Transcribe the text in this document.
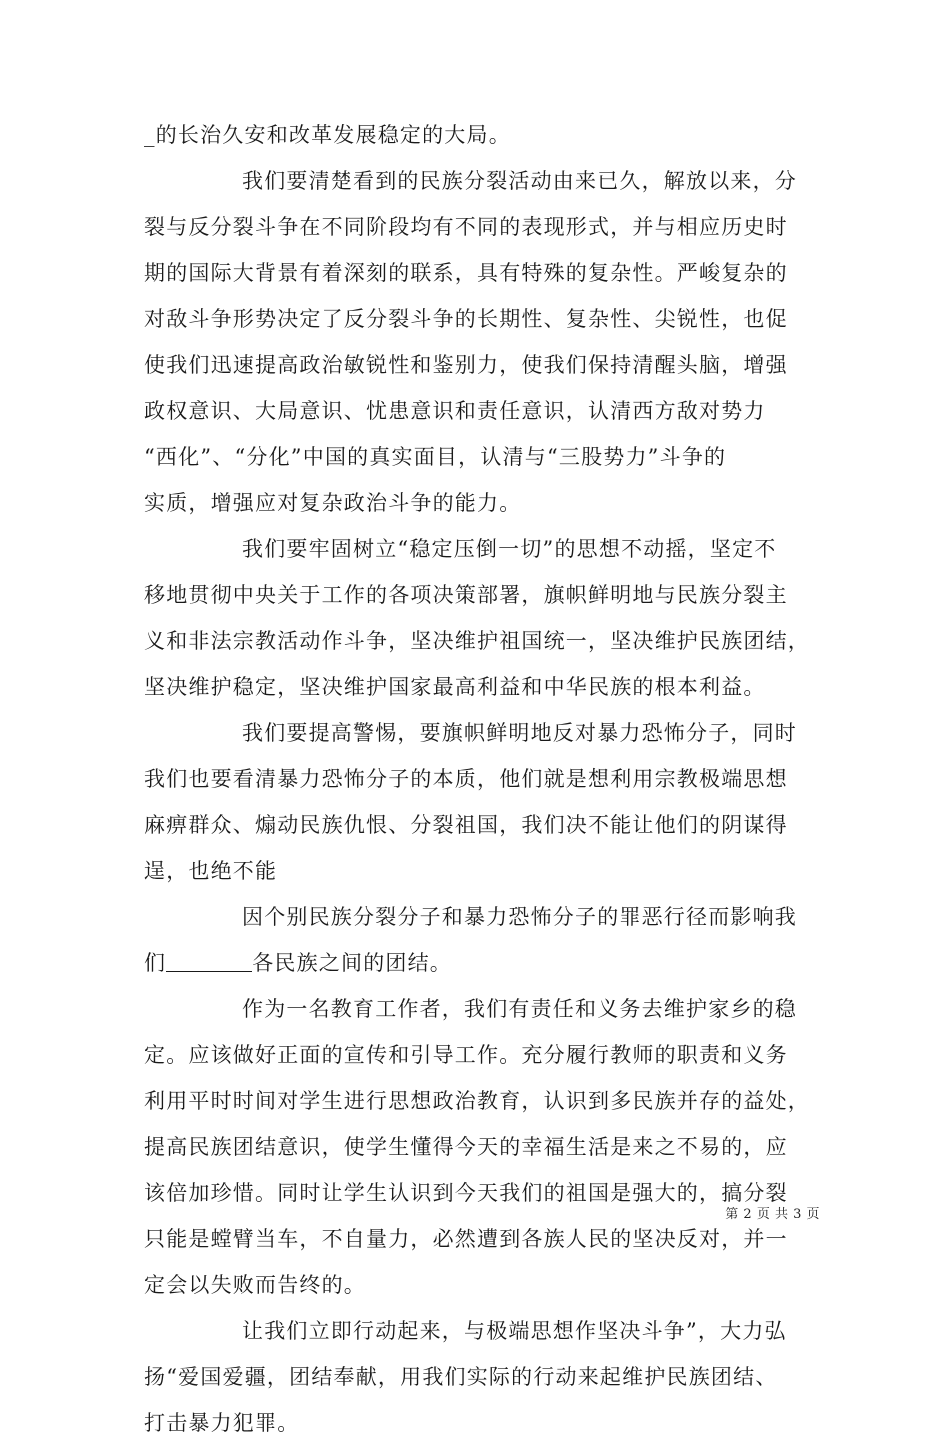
_的长治久安和改革发展稳定的大局。
我们要清楚看到的民族分裂活动由来已久，解放以来，分
裂与反分裂斗争在不同阶段均有不同的表现形式，并与相应历史时
期的国际大背景有着深刻的联系，具有特殊的复杂性。严峻复杂的
对敌斗争形势决定了反分裂斗争的长期性、复杂性、尖锐性，也促
使我们迅速提高政治敏锐性和鉴别力，使我们保持清醒头脑，增强
政权意识、大局意识、忧患意识和责任意识，认清西方敌对势力
“西化”、“分化”中国的真实面目，认清与“三股势力”斗争的
实质，增强应对复杂政治斗争的能力。
我们要牢固树立“稳定压倒一切”的思想不动摇，坚定不
移地贯彻中央关于工作的各项决策部署，旗帜鲜明地与民族分裂主
义和非法宗教活动作斗争，坚决维护祖国统一，坚决维护民族团结，
坚决维护稳定，坚决维护国家最高利益和中华民族的根本利益。
我们要提高警惕，要旗帜鲜明地反对暴力恐怖分子，同时
我们也要看清暴力恐怖分子的本质，他们就是想利用宗教极端思想
麻痹群众、煽动民族仇恨、分裂祖国，我们决不能让他们的阴谋得
逞，也绝不能
因个别民族分裂分子和暴力恐怖分子的罪恶行径而影响我
们	各民族之间的团结。
作为一名教育工作者，我们有责任和义务去维护家乡的稳
定。应该做好正面的宣传和引导工作。充分履行教师的职责和义务
利用平时时间对学生进行思想政治教育，认识到多民族并存的益处，
提高民族团结意识，使学生懂得今天的幸福生活是来之不易的，应
该倍加珍惜。同时让学生认识到今天我们的祖国是强大的，搞分裂
只能是螳臂当车，不自量力，必然遭到各族人民的坚决反对，并一
定会以失败而告终的。
让我们立即行动起来，与极端思想作坚决斗争”，大力弘
扬“爱国爱疆，团结奉献，用我们实际的行动来起维护民族团结、
打击暴力犯罪。
第 2 页 共 3 页
